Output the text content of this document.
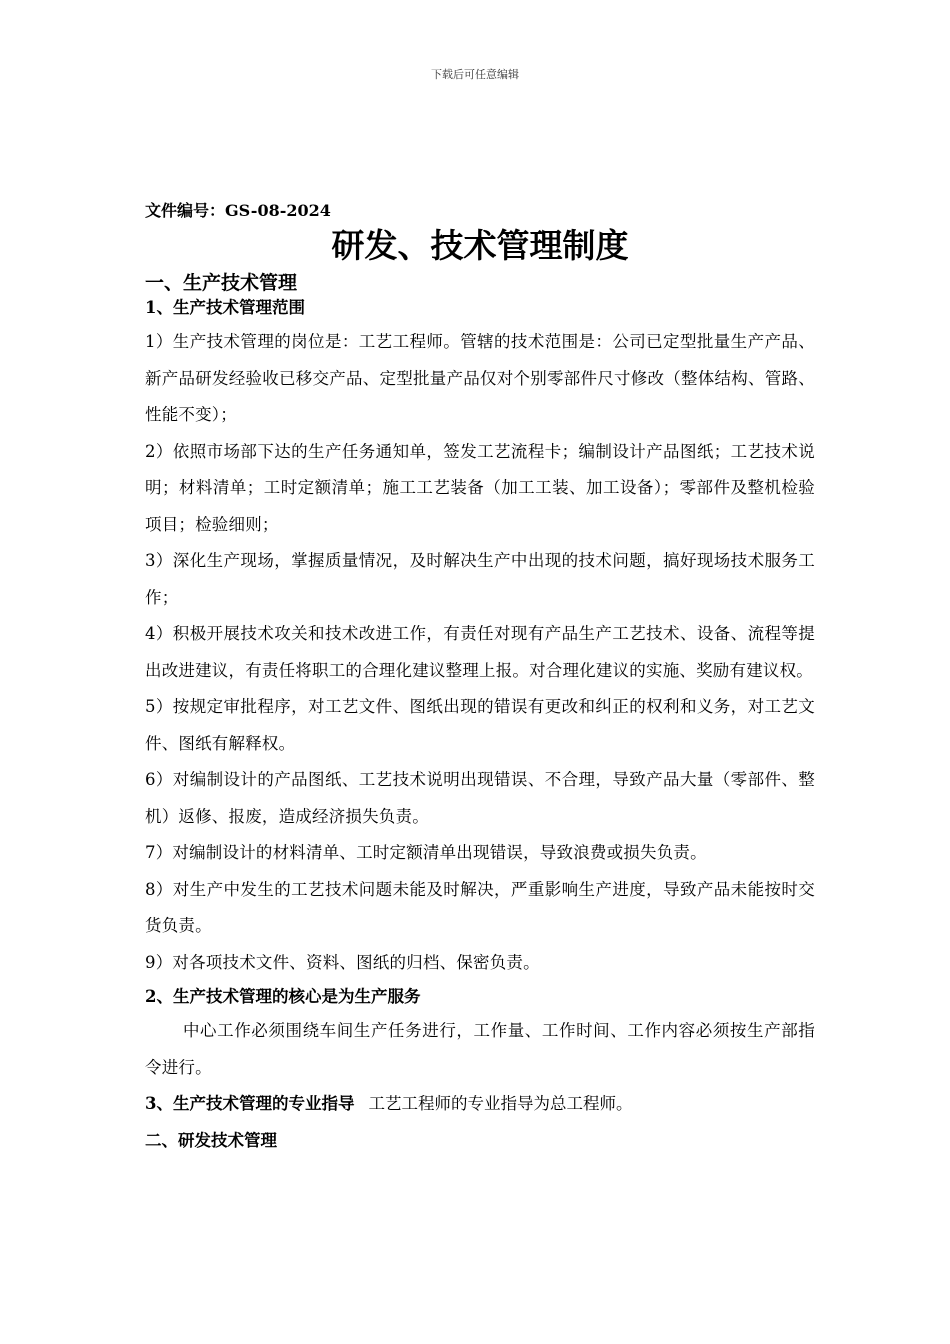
下载后可任意编辑

文件编号：GS-08-2024

研发、技术管理制度
一、生产技术管理
1、生产技术管理范围

1）生产技术管理的岗位是：工艺工程师。管辖的技术范围是：公司已定型批量生产产品、新产品研发经验收已移交产品、定型批量产品仅对个别零部件尺寸修改（整体结构、管路、性能不变）；

2）依照市场部下达的生产任务通知单，签发工艺流程卡；编制设计产品图纸；工艺技术说明；材料清单；工时定额清单；施工工艺装备（加工工装、加工设备）；零部件及整机检验项目；检验细则；

3）深化生产现场，掌握质量情况，及时解决生产中出现的技术问题，搞好现场技术服务工作；

4）积极开展技术攻关和技术改进工作，有责任对现有产品生产工艺技术、设备、流程等提出改进建议，有责任将职工的合理化建议整理上报。对合理化建议的实施、奖励有建议权。

5）按规定审批程序，对工艺文件、图纸出现的错误有更改和纠正的权利和义务，对工艺文件、图纸有解释权。

6）对编制设计的产品图纸、工艺技术说明出现错误、不合理，导致产品大量（零部件、整机）返修、报废，造成经济损失负责。

7）对编制设计的材料清单、工时定额清单出现错误，导致浪费或损失负责。

8）对生产中发生的工艺技术问题未能及时解决，严重影响生产进度，导致产品未能按时交货负责。

9）对各项技术文件、资料、图纸的归档、保密负责。

2、生产技术管理的核心是为生产服务

中心工作必须围绕车间生产任务进行，工作量、工作时间、工作内容必须按生产部指令进行。

3、生产技术管理的专业指导 工艺工程师的专业指导为总工程师。

二、研发技术管理
